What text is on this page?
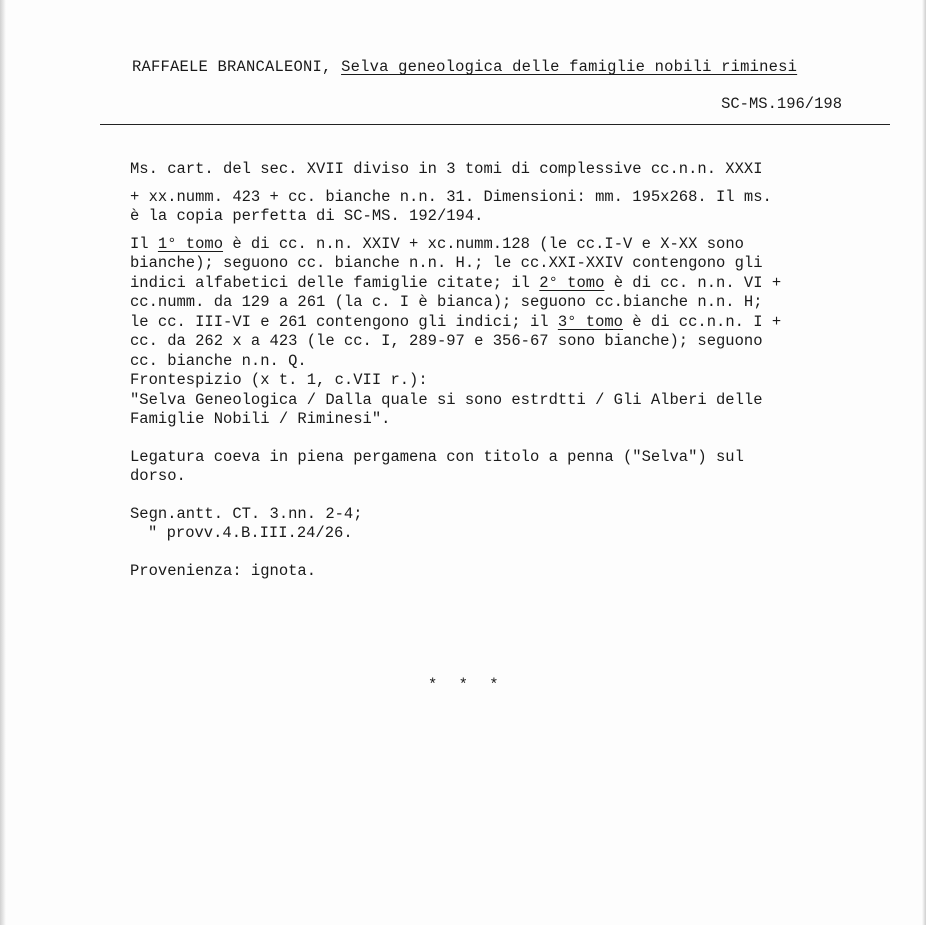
RAFFAELE BRANCALEONI, Selva geneologica delle famiglie nobili riminesi
SC-MS.196/198
Ms. cart. del sec. XVII diviso in 3 tomi di complessive cc.n.n. XXXI
+ xx.numm. 423 + cc. bianche n.n. 31. Dimensioni: mm. 195x268. Il ms.
è la copia perfetta di SC-MS. 192/194.
Il 1° tomo è di cc. n.n. XXIV + xc.numm.128 (le cc.I-V e X-XX sono
bianche); seguono cc. bianche n.n. H.; le cc.XXI-XXIV contengono gli
indici alfabetici delle famiglie citate; il 2° tomo è di cc. n.n. VI +
cc.numm. da 129 a 261 (la c. I è bianca); seguono cc.bianche n.n. H;
le cc. III-VI e 261 contengono gli indici; il 3° tomo è di cc.n.n. I +
cc. da 262 x a 423 (le cc. I, 289-97 e 356-67 sono bianche); seguono
cc. bianche n.n. Q.
Frontespizio (x t. 1, c.VII r.):
"Selva Geneologica / Dalla quale si sono estrdtti / Gli Alberi delle
Famiglie Nobili / Riminesi".
Legatura coeva in piena pergamena con titolo a penna ("Selva") sul
dorso.
Segn.antt. CT. 3.nn. 2-4;
" provv.4.B.III.24/26.
Provenienza: ignota.
* * *
